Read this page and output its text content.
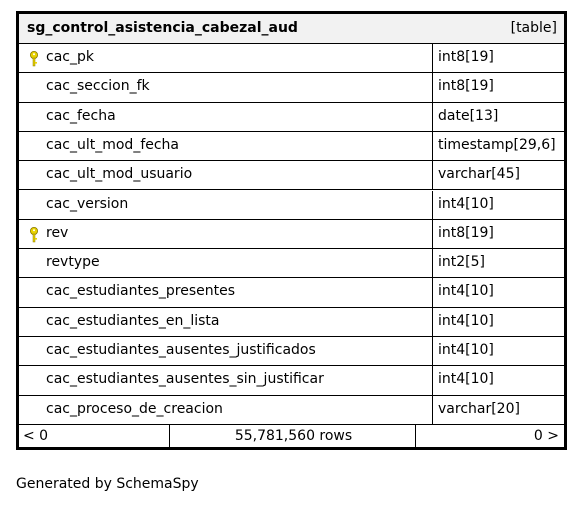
sg_control_asistencia_cabezal_aud	[table]
cac_pk	int8[19]
cac_seccion_fk	int8[19]
cac_fecha	date[13]
cac_ult_mod_fecha	timestamp[29,6]
cac_ult_mod_usuario	varchar[45]
cac_version	int4[10]
rev	int8[19]
revtype	int2[5]
cac_estudiantes_presentes	int4[10]
cac_estudiantes_en_lista	int4[10]
cac_estudiantes_ausentes_justificados	int4[10]
cac_estudiantes_ausentes_sin_justificar	int4[10]
cac_proceso_de_creacion	varchar[20]
< 0	55,781,560 rows	0 >
Generated by SchemaSpy
